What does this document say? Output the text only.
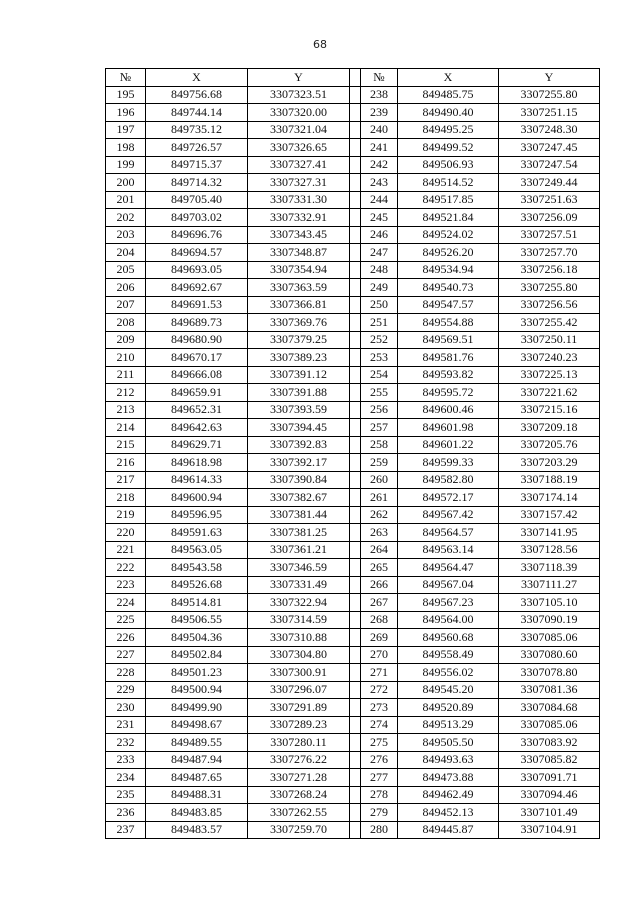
68
№	X	Y		№	X	Y
195	849756.68	3307323.51		238	849485.75	3307255.80
196	849744.14	3307320.00		239	849490.40	3307251.15
197	849735.12	3307321.04		240	849495.25	3307248.30
198	849726.57	3307326.65		241	849499.52	3307247.45
199	849715.37	3307327.41		242	849506.93	3307247.54
200	849714.32	3307327.31		243	849514.52	3307249.44
201	849705.40	3307331.30		244	849517.85	3307251.63
202	849703.02	3307332.91		245	849521.84	3307256.09
203	849696.76	3307343.45		246	849524.02	3307257.51
204	849694.57	3307348.87		247	849526.20	3307257.70
205	849693.05	3307354.94		248	849534.94	3307256.18
206	849692.67	3307363.59		249	849540.73	3307255.80
207	849691.53	3307366.81		250	849547.57	3307256.56
208	849689.73	3307369.76		251	849554.88	3307255.42
209	849680.90	3307379.25		252	849569.51	3307250.11
210	849670.17	3307389.23		253	849581.76	3307240.23
211	849666.08	3307391.12		254	849593.82	3307225.13
212	849659.91	3307391.88		255	849595.72	3307221.62
213	849652.31	3307393.59		256	849600.46	3307215.16
214	849642.63	3307394.45		257	849601.98	3307209.18
215	849629.71	3307392.83		258	849601.22	3307205.76
216	849618.98	3307392.17		259	849599.33	3307203.29
217	849614.33	3307390.84		260	849582.80	3307188.19
218	849600.94	3307382.67		261	849572.17	3307174.14
219	849596.95	3307381.44		262	849567.42	3307157.42
220	849591.63	3307381.25		263	849564.57	3307141.95
221	849563.05	3307361.21		264	849563.14	3307128.56
222	849543.58	3307346.59		265	849564.47	3307118.39
223	849526.68	3307331.49		266	849567.04	3307111.27
224	849514.81	3307322.94		267	849567.23	3307105.10
225	849506.55	3307314.59		268	849564.00	3307090.19
226	849504.36	3307310.88		269	849560.68	3307085.06
227	849502.84	3307304.80		270	849558.49	3307080.60
228	849501.23	3307300.91		271	849556.02	3307078.80
229	849500.94	3307296.07		272	849545.20	3307081.36
230	849499.90	3307291.89		273	849520.89	3307084.68
231	849498.67	3307289.23		274	849513.29	3307085.06
232	849489.55	3307280.11		275	849505.50	3307083.92
233	849487.94	3307276.22		276	849493.63	3307085.82
234	849487.65	3307271.28		277	849473.88	3307091.71
235	849488.31	3307268.24		278	849462.49	3307094.46
236	849483.85	3307262.55		279	849452.13	3307101.49
237	849483.57	3307259.70		280	849445.87	3307104.91
